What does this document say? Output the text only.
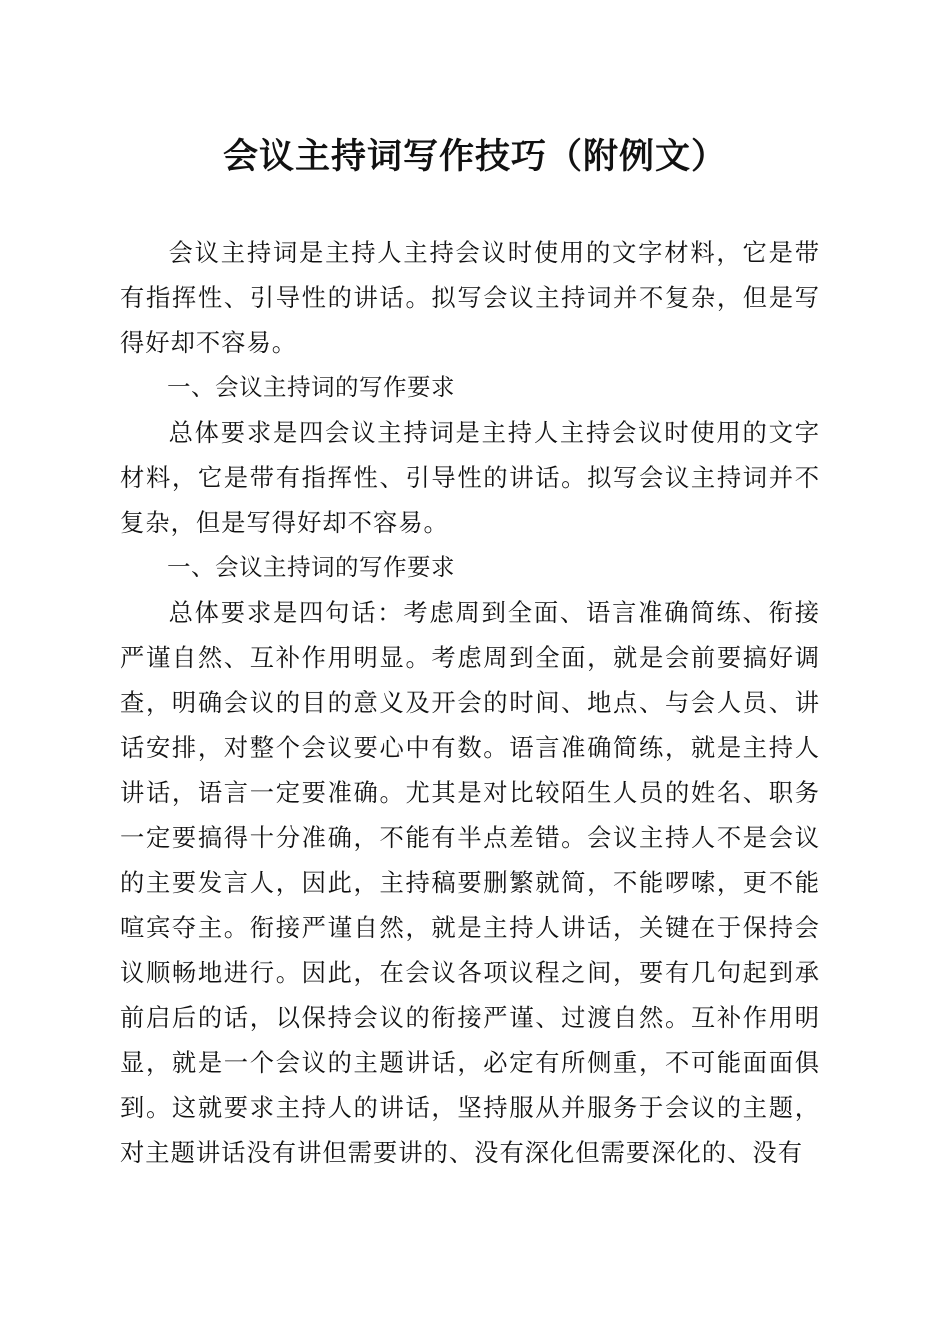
会议主持词写作技巧（附例文）

会议主持词是主持人主持会议时使用的文字材料，它是带有指挥性、引导性的讲话。拟写会议主持词并不复杂，但是写得好却不容易。

一、会议主持词的写作要求

总体要求是四会议主持词是主持人主持会议时使用的文字材料，它是带有指挥性、引导性的讲话。拟写会议主持词并不复杂，但是写得好却不容易。

一、会议主持词的写作要求

总体要求是四句话：考虑周到全面、语言准确简练、衔接严谨自然、互补作用明显。考虑周到全面，就是会前要搞好调查，明确会议的目的意义及开会的时间、地点、与会人员、讲话安排，对整个会议要心中有数。语言准确简练，就是主持人讲话，语言一定要准确。尤其是对比较陌生人员的姓名、职务一定要搞得十分准确，不能有半点差错。会议主持人不是会议的主要发言人，因此，主持稿要删繁就简，不能啰嗦，更不能喧宾夺主。衔接严谨自然，就是主持人讲话，关键在于保持会议顺畅地进行。因此，在会议各项议程之间，要有几句起到承前启后的话，以保持会议的衔接严谨、过渡自然。互补作用明显，就是一个会议的主题讲话，必定有所侧重，不可能面面俱到。这就要求主持人的讲话，坚持服从并服务于会议的主题，对主题讲话没有讲但需要讲的、没有深化但需要深化的、没有
